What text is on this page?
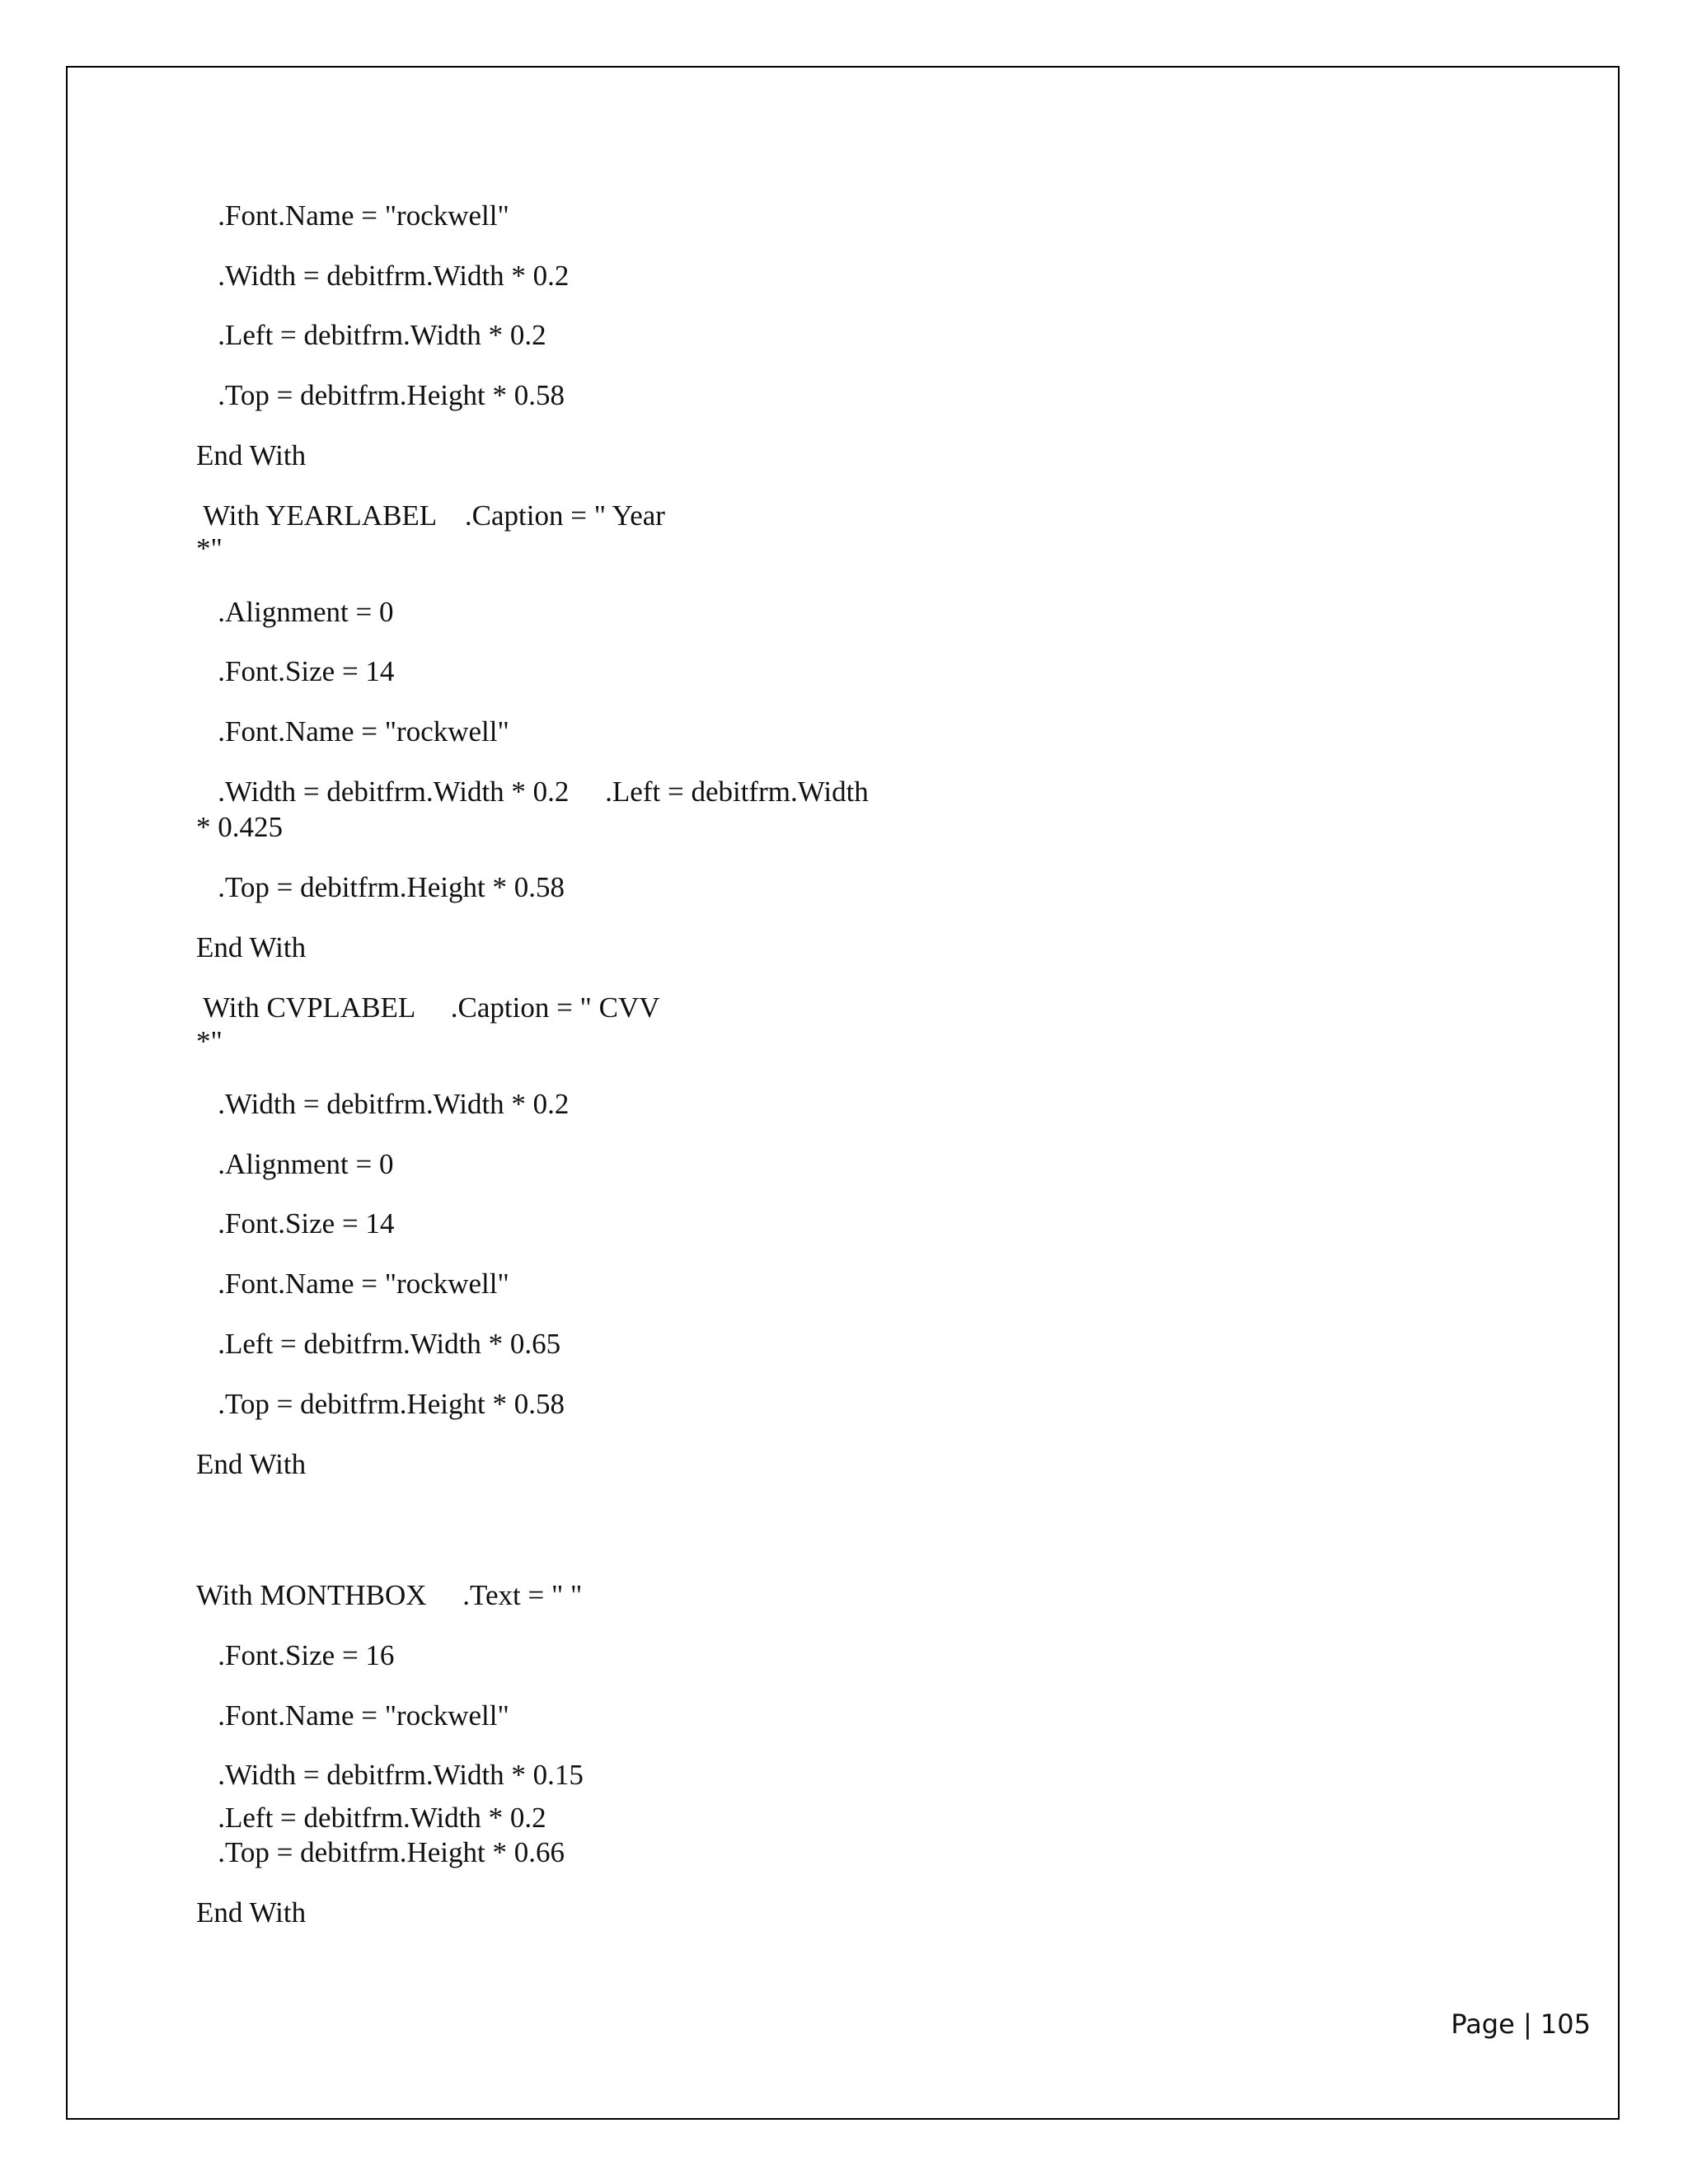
.Font.Name = "rockwell"

.Width = debitfrm.Width * 0.2

.Left = debitfrm.Width * 0.2

.Top = debitfrm.Height * 0.58

End With

With YEARLABEL    .Caption = " Year

*"

.Alignment = 0

.Font.Size = 14

.Font.Name = "rockwell"

.Width = debitfrm.Width * 0.2     .Left = debitfrm.Width

* 0.425

.Top = debitfrm.Height * 0.58

End With

With CVPLABEL     .Caption = " CVV

*"

.Width = debitfrm.Width * 0.2

.Alignment = 0

.Font.Size = 14

.Font.Name = "rockwell"

.Left = debitfrm.Width * 0.65

.Top = debitfrm.Height * 0.58

End With

With MONTHBOX     .Text = " "

.Font.Size = 16

.Font.Name = "rockwell"

.Width = debitfrm.Width * 0.15

.Left = debitfrm.Width * 0.2

.Top = debitfrm.Height * 0.66

End With

Page | 105
